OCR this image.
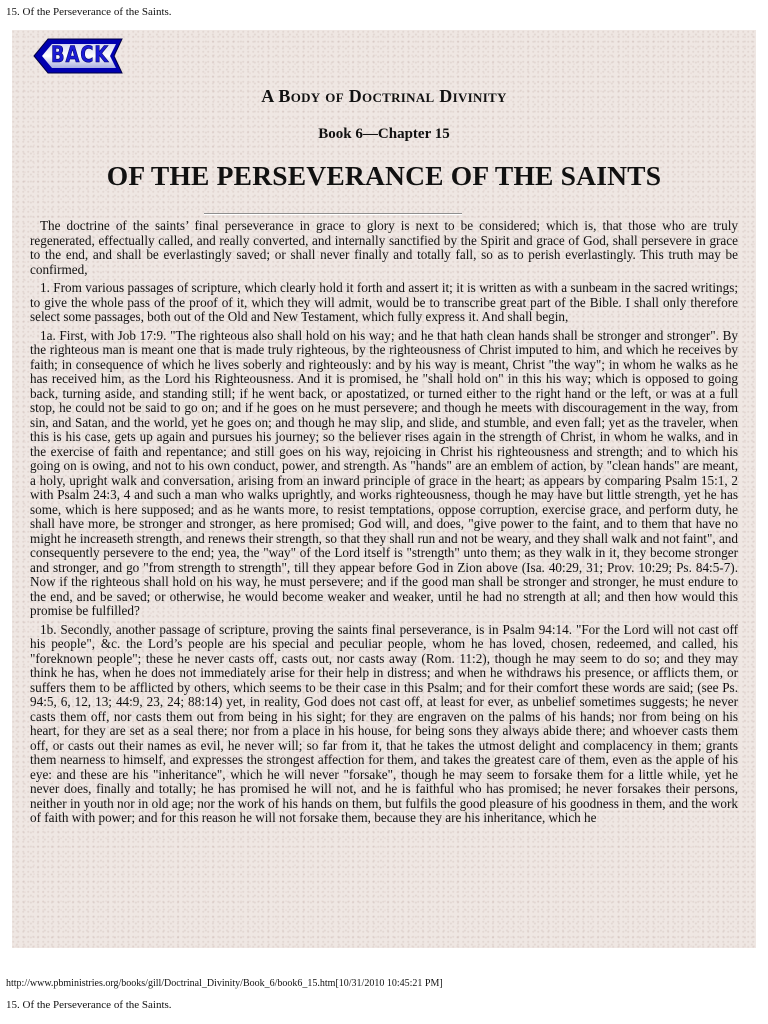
15. Of the Perseverance of the Saints.
BACK
A Body of Doctrinal Divinity
Book 6—Chapter 15
OF THE PERSEVERANCE OF THE SAINTS

The doctrine of the saints’ final perseverance in grace to glory is next to be considered; which is, that those who are truly regenerated, effectually called, and really converted, and internally sanctified by the Spirit and grace of God, shall persevere in grace to the end, and shall be everlastingly saved; or shall never finally and totally fall, so as to perish everlastingly. This truth may be confirmed,

1. From various passages of scripture, which clearly hold it forth and assert it; it is written as with a sunbeam in the sacred writings; to give the whole pass of the proof of it, which they will admit, would be to transcribe great part of the Bible. I shall only therefore select some passages, both out of the Old and New Testament, which fully express it. And shall begin,

1a. First, with Job 17:9. "The righteous also shall hold on his way; and he that hath clean hands shall be stronger and stronger". By the righteous man is meant one that is made truly righteous, by the righteousness of Christ imputed to him, and which he receives by faith; in consequence of which he lives soberly and righteously: and by his way is meant, Christ "the way"; in whom he walks as he has received him, as the Lord his Righteousness. And it is promised, he "shall hold on" in this his way; which is opposed to going back, turning aside, and standing still; if he went back, or apostatized, or turned either to the right hand or the left, or was at a full stop, he could not be said to go on; and if he goes on he must persevere; and though he meets with discouragement in the way, from sin, and Satan, and the world, yet he goes on; and though he may slip, and slide, and stumble, and even fall; yet as the traveler, when this is his case, gets up again and pursues his journey; so the believer rises again in the strength of Christ, in whom he walks, and in the exercise of faith and repentance; and still goes on his way, rejoicing in Christ his righteousness and strength; and to which his going on is owing, and not to his own conduct, power, and strength. As "hands" are an emblem of action, by "clean hands" are meant, a holy, upright walk and conversation, arising from an inward principle of grace in the heart; as appears by comparing Psalm 15:1, 2 with Psalm 24:3, 4 and such a man who walks uprightly, and works righteousness, though he may have but little strength, yet he has some, which is here supposed; and as he wants more, to resist temptations, oppose corruption, exercise grace, and perform duty, he shall have more, be stronger and stronger, as here promised; God will, and does, "give power to the faint, and to them that have no might he increaseth strength, and renews their strength, so that they shall run and not be weary, and they shall walk and not faint", and consequently persevere to the end; yea, the "way" of the Lord itself is "strength" unto them; as they walk in it, they become stronger and stronger, and go "from strength to strength", till they appear before God in Zion above (Isa. 40:29, 31; Prov. 10:29; Ps. 84:5-7). Now if the righteous shall hold on his way, he must persevere; and if the good man shall be stronger and stronger, he must endure to the end, and be saved; or otherwise, he would become weaker and weaker, until he had no strength at all; and then how would this promise be fulfilled?

1b. Secondly, another passage of scripture, proving the saints final perseverance, is in Psalm 94:14. "For the Lord will not cast off his people", &c. the Lord’s people are his special and peculiar people, whom he has loved, chosen, redeemed, and called, his "foreknown people"; these he never casts off, casts out, nor casts away (Rom. 11:2), though he may seem to do so; and they may think he has, when he does not immediately arise for their help in distress; and when he withdraws his presence, or afflicts them, or suffers them to be afflicted by others, which seems to be their case in this Psalm; and for their comfort these words are said; (see Ps. 94:5, 6, 12, 13; 44:9, 23, 24; 88:14) yet, in reality, God does not cast off, at least for ever, as unbelief sometimes suggests; he never casts them off, nor casts them out from being in his sight; for they are engraven on the palms of his hands; nor from being on his heart, for they are set as a seal there; nor from a place in his house, for being sons they always abide there; and whoever casts them off, or casts out their names as evil, he never will; so far from it, that he takes the utmost delight and complacency in them; grants them nearness to himself, and expresses the strongest affection for them, and takes the greatest care of them, even as the apple of his eye: and these are his "inheritance", which he will never "forsake", though he may seem to forsake them for a little while, yet he never does, finally and totally; he has promised he will not, and he is faithful who has promised; he never forsakes their persons, neither in youth nor in old age; nor the work of his hands on them, but fulfils the good pleasure of his goodness in them, and the work of faith with power; and for this reason he will not forsake them, because they are his inheritance, which he

http://www.pbministries.org/books/gill/Doctrinal_Divinity/Book_6/book6_15.htm[10/31/2010 10:45:21 PM]
15. Of the Perseverance of the Saints.
